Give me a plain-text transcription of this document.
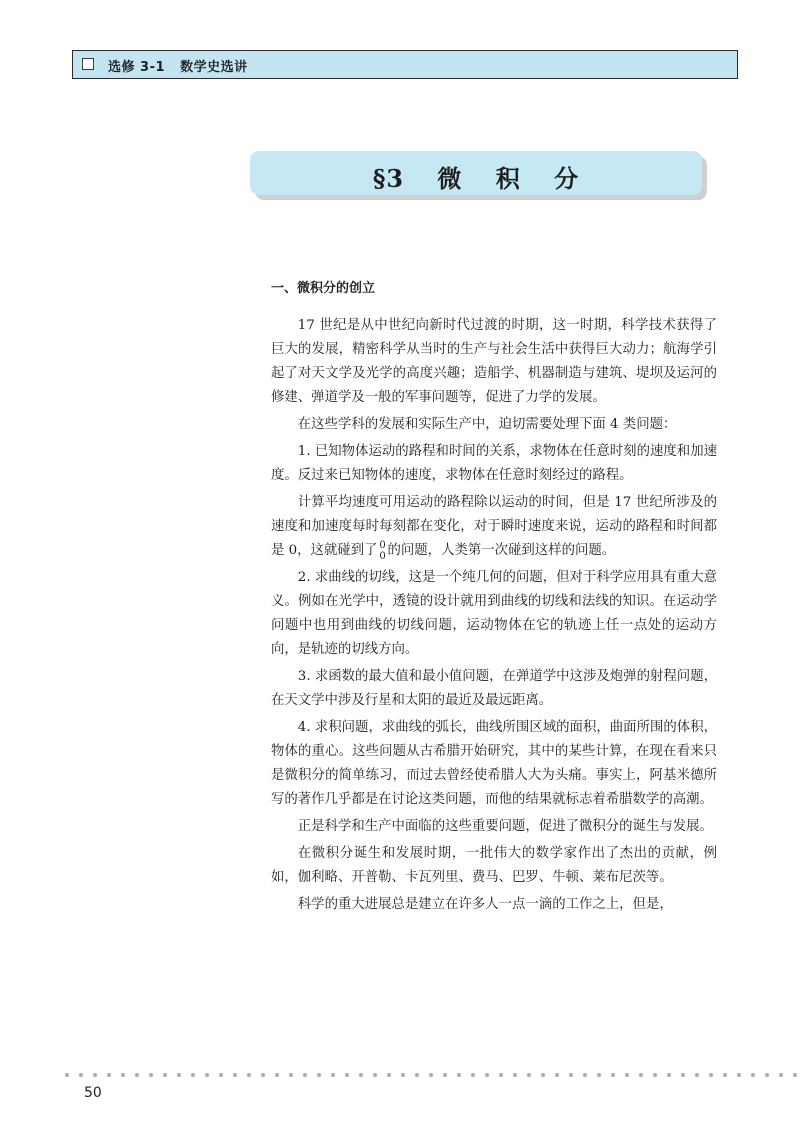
选修 3-1   数学史选讲
§3 微 积 分
一、微积分的创立

17 世纪是从中世纪向新时代过渡的时期，这一时期，科学技术获得了巨大的发展，精密科学从当时的生产与社会生活中获得巨大动力；航海学引起了对天文学及光学的高度兴趣；造船学、机器制造与建筑、堤坝及运河的修建、弹道学及一般的军事问题等，促进了力学的发展。

在这些学科的发展和实际生产中，迫切需要处理下面 4 类问题：

1. 已知物体运动的路程和时间的关系，求物体在任意时刻的速度和加速度。反过来已知物体的速度，求物体在任意时刻经过的路程。

计算平均速度可用运动的路程除以运动的时间，但是 17 世纪所涉及的速度和加速度每时每刻都在变化，对于瞬时速度来说，运动的路程和时间都是 0，这就碰到了 0
0 的问题，人类第一次碰到这样的问题。

2. 求曲线的切线，这是一个纯几何的问题，但对于科学应用具有重大意义。例如在光学中，透镜的设计就用到曲线的切线和法线的知识。在运动学问题中也用到曲线的切线问题，运动物体在它的轨迹上任一点处的运动方向，是轨迹的切线方向。

3. 求函数的最大值和最小值问题，在弹道学中这涉及炮弹的射程问题，在天文学中涉及行星和太阳的最近及最远距离。

4. 求积问题，求曲线的弧长，曲线所围区域的面积，曲面所围的体积，物体的重心。这些问题从古希腊开始研究，其中的某些计算，在现在看来只是微积分的简单练习，而过去曾经使希腊人大为头痛。事实上，阿基米德所写的著作几乎都是在讨论这类问题，而他的结果就标志着希腊数学的高潮。

正是科学和生产中面临的这些重要问题，促进了微积分的诞生与发展。

在微积分诞生和发展时期，一批伟大的数学家作出了杰出的贡献，例如，伽利略、开普勒、卡瓦列里、费马、巴罗、牛顿、莱布尼茨等。

科学的重大进展总是建立在许多人一点一滴的工作之上，但是，

50
